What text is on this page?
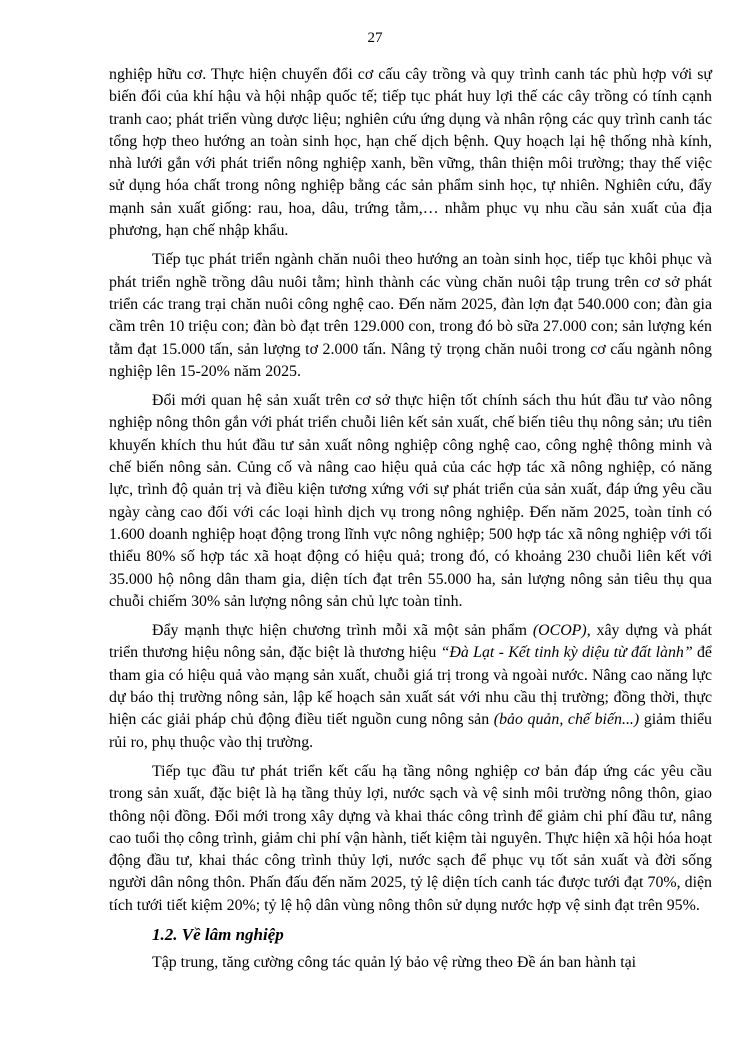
27

nghiệp hữu cơ. Thực hiện chuyển đổi cơ cấu cây trồng và quy trình canh tác phù hợp với sự biến đổi của khí hậu và hội nhập quốc tế; tiếp tục phát huy lợi thế các cây trồng có tính cạnh tranh cao; phát triển vùng dược liệu; nghiên cứu ứng dụng và nhân rộng các quy trình canh tác tổng hợp theo hướng an toàn sinh học, hạn chế dịch bệnh. Quy hoạch lại hệ thống nhà kính, nhà lưới gắn với phát triển nông nghiệp xanh, bền vững, thân thiện môi trường; thay thế việc sử dụng hóa chất trong nông nghiệp bằng các sản phẩm sinh học, tự nhiên. Nghiên cứu, đẩy mạnh sản xuất giống: rau, hoa, dâu, trứng tằm,… nhằm phục vụ nhu cầu sản xuất của địa phương, hạn chế nhập khẩu.

Tiếp tục phát triển ngành chăn nuôi theo hướng an toàn sinh học, tiếp tục khôi phục và phát triển nghề trồng dâu nuôi tằm; hình thành các vùng chăn nuôi tập trung trên cơ sở phát triển các trang trại chăn nuôi công nghệ cao. Đến năm 2025, đàn lợn đạt 540.000 con; đàn gia cầm trên 10 triệu con; đàn bò đạt trên 129.000 con, trong đó bò sữa 27.000 con; sản lượng kén tằm đạt 15.000 tấn, sản lượng tơ 2.000 tấn. Nâng tỷ trọng chăn nuôi trong cơ cấu ngành nông nghiệp lên 15-20% năm 2025.

Đổi mới quan hệ sản xuất trên cơ sở thực hiện tốt chính sách thu hút đầu tư vào nông nghiệp nông thôn gắn với phát triển chuỗi liên kết sản xuất, chế biến tiêu thụ nông sản; ưu tiên khuyến khích thu hút đầu tư sản xuất nông nghiệp công nghệ cao, công nghệ thông minh và chế biến nông sản. Củng cố và nâng cao hiệu quả của các hợp tác xã nông nghiệp, có năng lực, trình độ quản trị và điều kiện tương xứng với sự phát triển của sản xuất, đáp ứng yêu cầu ngày càng cao đối với các loại hình dịch vụ trong nông nghiệp. Đến năm 2025, toàn tỉnh có 1.600 doanh nghiệp hoạt động trong lĩnh vực nông nghiệp; 500 hợp tác xã nông nghiệp với tối thiểu 80% số hợp tác xã hoạt động có hiệu quả; trong đó, có khoảng 230 chuỗi liên kết với 35.000 hộ nông dân tham gia, diện tích đạt trên 55.000 ha, sản lượng nông sản tiêu thụ qua chuỗi chiếm 30% sản lượng nông sản chủ lực toàn tỉnh.

Đẩy mạnh thực hiện chương trình mỗi xã một sản phẩm (OCOP), xây dựng và phát triển thương hiệu nông sản, đặc biệt là thương hiệu “Đà Lạt - Kết tinh kỳ diệu từ đất lành” để tham gia có hiệu quả vào mạng sản xuất, chuỗi giá trị trong và ngoài nước. Nâng cao năng lực dự báo thị trường nông sản, lập kế hoạch sản xuất sát với nhu cầu thị trường; đồng thời, thực hiện các giải pháp chủ động điều tiết nguồn cung nông sản (bảo quản, chế biến...) giảm thiểu rủi ro, phụ thuộc vào thị trường.

Tiếp tục đầu tư phát triển kết cấu hạ tầng nông nghiệp cơ bản đáp ứng các yêu cầu trong sản xuất, đặc biệt là hạ tầng thủy lợi, nước sạch và vệ sinh môi trường nông thôn, giao thông nội đồng. Đổi mới trong xây dựng và khai thác công trình để giảm chi phí đầu tư, nâng cao tuổi thọ công trình, giảm chi phí vận hành, tiết kiệm tài nguyên. Thực hiện xã hội hóa hoạt động đầu tư, khai thác công trình thủy lợi, nước sạch để phục vụ tốt sản xuất và đời sống người dân nông thôn. Phấn đấu đến năm 2025, tỷ lệ diện tích canh tác được tưới đạt 70%, diện tích tưới tiết kiệm 20%; tỷ lệ hộ dân vùng nông thôn sử dụng nước hợp vệ sinh đạt trên 95%.

1.2. Về lâm nghiệp

Tập trung, tăng cường công tác quản lý bảo vệ rừng theo Đề án ban hành tại
